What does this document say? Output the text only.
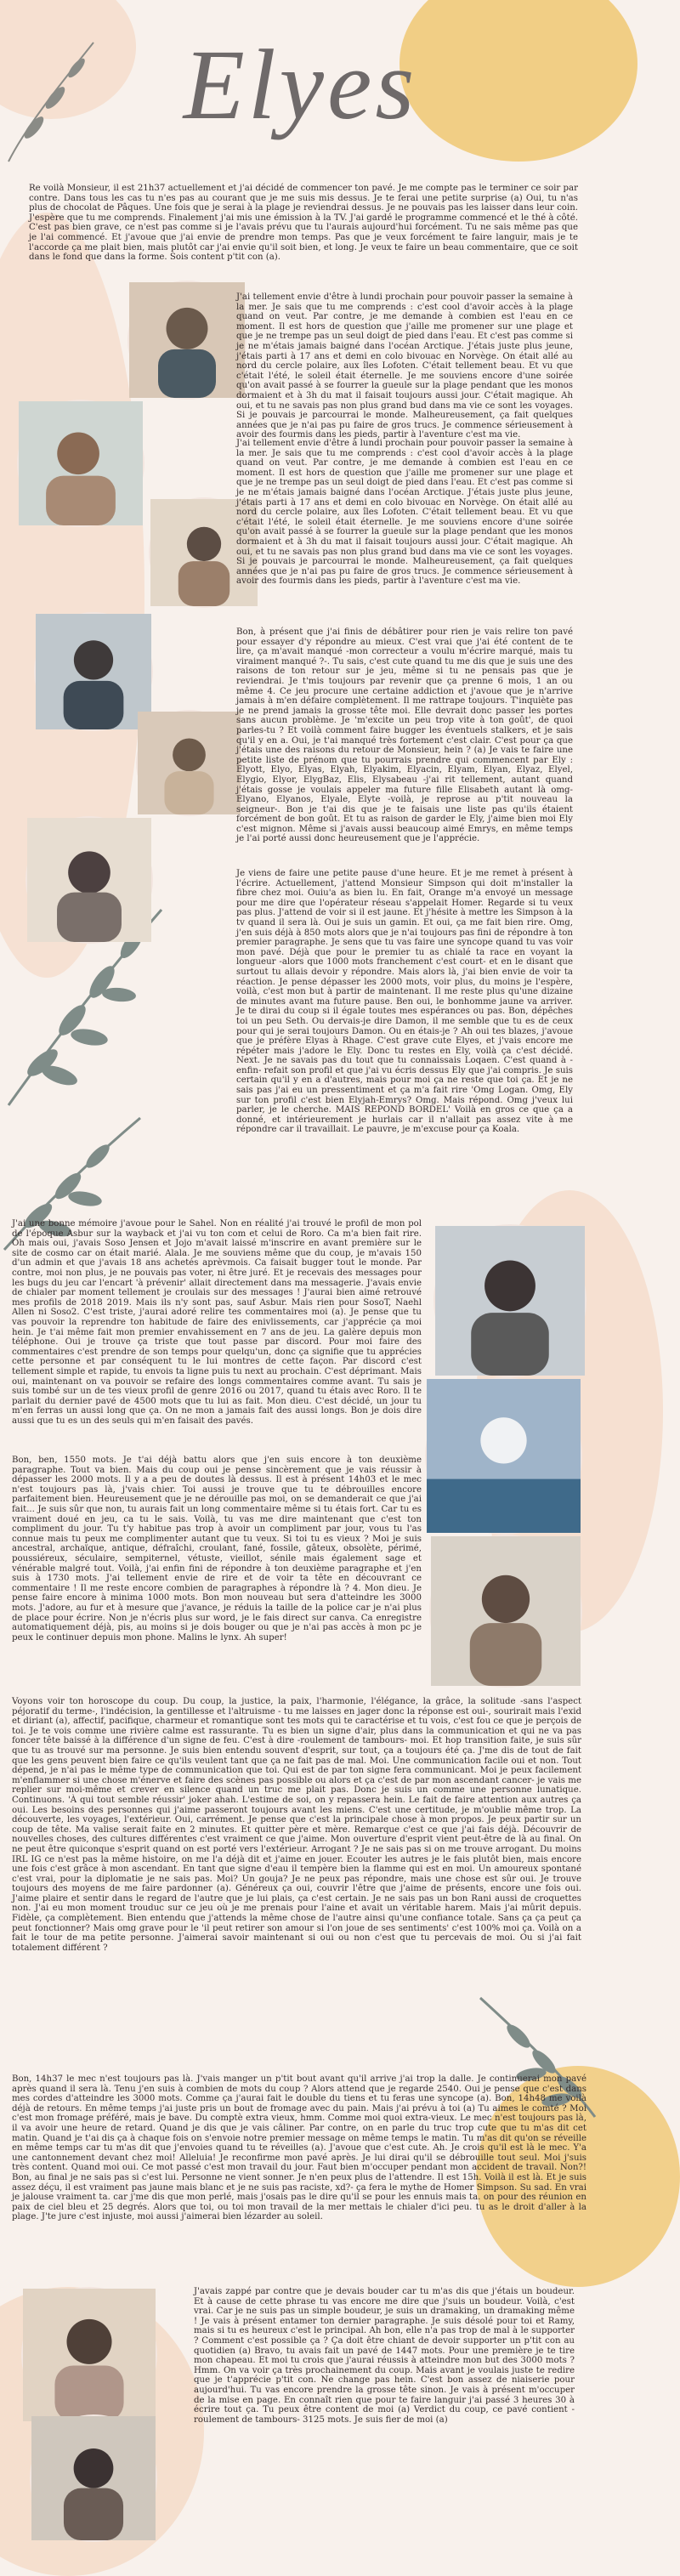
Elyes

Re voilà Monsieur, il est 21h37 actuellement et j'ai décidé de commencer ton pavé. Je me compte pas le terminer ce soir par contre. Dans tous les cas tu n'es pas au courant que je me suis mis dessus. Je te ferai une petite surprise (a) Oui, tu n'as plus de chocolat de Pâques. Une fois que je serai à la plage je reviendrai dessus. Je ne pouvais pas les laisser dans leur coin. J'espère que tu me comprends. Finalement j'ai mis une émission à la TV. J'ai gardé le programme commencé et le thé à côté. C'est pas bien grave, ce n'est pas comme si je l'avais prévu que tu l'aurais aujourd'hui forcément. Tu ne sais même pas que je l'ai commencé. Et j'avoue que j'ai envie de prendre mon temps. Pas que je veux forcément te faire languir, mais je te l'accorde ça me plait bien, mais plutôt car j'ai envie qu'il soit bien, et long. Je veux te faire un beau commentaire, que ce soit dans le fond que dans la forme. Sois content p'tit con (a).

J'ai tellement envie d'être à lundi prochain pour pouvoir passer la semaine à la mer. Je sais que tu me comprends : c'est cool d'avoir accès à la plage quand on veut. Par contre, je me demande à combien est l'eau en ce moment. Il est hors de question que j'aille me promener sur une plage et que je ne trempe pas un seul doigt de pied dans l'eau. Et c'est pas comme si je ne m'étais jamais baigné dans l'océan Arctique. J'étais juste plus jeune, j'étais parti à 17 ans et demi en colo bivouac en Norvège. On était allé au nord du cercle polaire, aux îles Lofoten. C'était tellement beau. Et vu que c'était l'été, le soleil était éternelle. Je me souviens encore d'une soirée qu'on avait passé à se fourrer la gueule sur la plage pendant que les monos dormaient et à 3h du mat il faisait toujours aussi jour. C'était magique. Ah oui, et tu ne savais pas non plus grand bud dans ma vie ce sont les voyages. Si je pouvais je parcourrai le monde. Malheureusement, ça fait quelques années que je n'ai pas pu faire de gros trucs. Je commence sérieusement à avoir des fourmis dans les pieds, partir à l'aventure c'est ma vie.

J'ai tellement envie d'être à lundi prochain pour pouvoir passer la semaine à la mer. Je sais que tu me comprends : c'est cool d'avoir accès à la plage quand on veut. Par contre, je me demande à combien est l'eau en ce moment. Il est hors de question que j'aille me promener sur une plage et que je ne trempe pas un seul doigt de pied dans l'eau. Et c'est pas comme si je ne m'étais jamais baigné dans l'océan Arctique. J'étais juste plus jeune, j'étais parti à 17 ans et demi en colo bivouac en Norvège. On était allé au nord du cercle polaire, aux îles Lofoten. C'était tellement beau. Et vu que c'était l'été, le soleil était éternelle. Je me souviens encore d'une soirée qu'on avait passé à se fourrer la gueule sur la plage pendant que les monos dormaient et à 3h du mat il faisait toujours aussi jour. C'était magique. Ah oui, et tu ne savais pas non plus grand bud dans ma vie ce sont les voyages. Si je pouvais je parcourrai le monde. Malheureusement, ça fait quelques années que je n'ai pas pu faire de gros trucs. Je commence sérieusement à avoir des fourmis dans les pieds, partir à l'aventure c'est ma vie.

Bon, à présent que j'ai finis de débâtirer pour rien je vais relire ton pavé pour essayer d'y répondre au mieux. C'est vrai que j'ai été content de te lire, ça m'avait manqué -mon correcteur a voulu m'écrire marqué, mais tu viraiment manqué ?-. Tu sais, c'est cute quand tu me dis que je suis une des raisons de ton retour sur je jeu, même si tu ne pensais pas que je reviendrai. Je t'mis toujours par revenir que ça prenne 6 mois, 1 an ou même 4. Ce jeu procure une certaine addiction et j'avoue que je n'arrive jamais à m'en défaire complètement. Il me rattrape toujours. T'inquiète pas je ne prend jamais la grosse tête moi. Elle devrait donc passer les portes sans aucun problème. Je 'm'excite un peu trop vite à ton goût', de quoi parles-tu ? Et voilà comment faire bugger les éventuels stalkers, et je sais qu'il y en a. Oui, je t'ai manqué très fortement c'est clair. C'est pour ça que j'étais une des raisons du retour de Monsieur, hein ? (a) Je vais te faire une petite liste de prénom que tu pourrais prendre qui commencent par Ely : Elyott, Elyo, Elyas, Elyah, Elyakim, Elyacin, Elyam, Elyan, Elyaz, Elyel, Elygio, Elyor, ElygBaz, Elis, Elysabeau -j'ai rit tellement, autant quand j'étais gosse je voulais appeler ma future fille Elisabeth autant là omg- Elyano, Elyanos, Elyale, Elyte -voilà, je reprose au p'tit nouveau la seigneur-. Bon je t'ai dis que je te faisais une liste pas qu'ils étaient forcément de bon goût. Et tu as raison de garder le Ely, j'aime bien moi Ely c'est mignon. Même si j'avais aussi beaucoup aimé Emrys, en même temps je l'ai porté aussi donc heureusement que je l'apprécie.

Je viens de faire une petite pause d'une heure. Et je me remet à présent à l'écrire. Actuellement, j'attend Monsieur Simpson qui doit m'installer la fibre chez moi. Ouiu'a as bien lu. En fait, Orange m'a envoyé un message pour me dire que l'opérateur réseau s'appelait Homer. Regarde si tu veux pas plus. J'attend de voir si il est jaune. Et j'hésite à mettre les Simpson à la tv quand il sera là. Oui je suis un gamin. Et oui, ça me fait bien rire. Omg, j'en suis déjà à 850 mots alors que je n'ai toujours pas fini de répondre à ton premier paragraphe. Je sens que tu vas faire une syncope quand tu vas voir mon pavé. Déjà que pour le premier tu as chialé ta race en voyant la longueur -alors que 1000 mots franchement c'est court- et en le disant que surtout tu allais devoir y répondre. Mais alors là, j'ai bien envie de voir ta réaction. Je pense dépasser les 2000 mots, voir plus, du moins je l'espère, voilà, c'est mon but à partir de maintenant. Il me reste plus qu'une dizaine de minutes avant ma future pause. Ben oui, le bonhomme jaune va arriver. Je te dirai du coup si il égale toutes mes espérances ou pas. Bon, dépêches toi un peu Seth. Ou dervais-je dire Damon, il me semble que tu es de ceux pour qui je serai toujours Damon. Ou en étais-je ? Ah oui tes blazes, j'avoue que je préfère Elyas à Rhage. C'est grave cute Elyes, et j'vais encore me répéter mais j'adore le Ely. Donc tu restes en Ely, voilà ça c'est décidé. Next. Je ne savais pas du tout que tu connaissais Loqaen. C'est quand à -enfin- refait son profil et que j'ai vu écris dessus Ely que j'ai compris. Je suis certain qu'il y en a d'autres, mais pour moi ça ne reste que toi ça. Et je ne sais pas j'ai eu un pressentiment et ça m'a fait rire 'Omg Logan. Omg, Ely sur ton profil c'est bien Elyjah-Emrys? Omg. Mais répond. Omg j'veux lui parler, je le cherche. MAIS REPOND BORDEL' Voilà en gros ce que ça a donné, et intérieurement je hurlais car il n'allait pas assez vite à me répondre car il travaillait. Le pauvre, je m'excuse pour ça Koala.

J'ai une bonne mémoire j'avoue pour le Sahel. Non en réalité j'ai trouvé le profil de mon pol de l'époque Asbur sur la wayback et j'ai vu ton com et celui de Roro. Ca m'a bien fait rire. Oh mais oui, j'avais Soso Jensen et Jojo m'avait laissé m'inscrire en avant première sur le site de cosmo car on était marié. Alala. Je me souviens même que du coup, je m'avais 150 d'un admin et que j'avais 18 ans achetés aprèvmois. Ca faisait bugger tout le monde. Par contre, moi non plus, je ne pouvais pas voter, ni être juré. Et je recevais des messages pour les bugs du jeu car l'encart 'à prévenir' allait directement dans ma messagerie. J'avais envie de chialer par moment tellement je croulais sur des messages ! J'aurai bien aimé retrouvé mes profils de 2018 2019. Mais ils n'y sont pas, sauf Asbur. Mais rien pour SosoT, Naehl Allen ni Soso2. C'est triste, j'aurai adoré relire tes commentaires moi (a). Je pense que tu vas pouvoir la reprendre ton habitude de faire des enivlissements, car j'apprécie ça moi hein. Je t'ai même fait mon premier envahissement en 7 ans de jeu. La galère depuis mon téléphone. Oui je trouve ça triste que tout passe par discord. Pour moi faire des commentaires c'est prendre de son temps pour quelqu'un, donc ça signifie que tu apprécies cette personne et par conséquent tu le lui montres de cette façon. Par discord c'est tellement simple et rapide, tu envois ta ligne puis tu next au prochain. C'est déprimant. Mais oui, maintenant on va pouvoir se refaire des longs commentaires comme avant. Tu sais je suis tombé sur un de tes vieux profil de genre 2016 ou 2017, quand tu étais avec Roro. Il te parlait du dernier pavé de 4500 mots que tu lui as fait. Mon dieu. C'est décidé, un jour tu m'en ferras un aussi long que ça. On ne mon a jamais fait des aussi longs. Bon je dois dire aussi que tu es un des seuls qui m'en faisait des pavés.

Bon, ben, 1550 mots. Je t'ai déjà battu alors que j'en suis encore à ton deuxième paragraphe. Tout va bien. Mais du coup oui je pense sincèrement que je vais réussir à dépasser les 2000 mots. Il y a a peu de doutes là dessus. Il est à présent 14h03 et le mec n'est toujours pas là, j'vais chier. Toi aussi je trouve que tu te débrouilles encore parfaitement bien. Heureusement que je ne dérouille pas moi, on se demanderait ce que j'ai fait... Je suis sûr que non, tu aurais fait un long commentaire même si tu étais fort. Car tu es vraiment doué en jeu, ca tu le sais. Voilà, tu vas me dire maintenant que c'est ton compliment du jour. Tu t'y habitue pas trop à avoir un compliment par jour, vous tu l'as connue mais tu peux me complimenter autant que tu veux. Si toi tu es vieux ? Moi je suis ancestral, archaïque, antique, défraîchi, croulant, fané, fossile, gâteux, obsolète, périmé, poussiéreux, séculaire, sempiternel, vétuste, vieillot, sénile mais également sage et vénérable malgré tout. Voilà, j'ai enfin fini de répondre à ton deuxième paragraphe et j'en suis à 1730 mots. J'ai tellement envie de rire et de voir ta tête en découvrant ce commentaire ! Il me reste encore combien de paragraphes à répondre là ? 4. Mon dieu. Je pense faire encore à minima 1000 mots. Bon mon nouveau but sera d'atteindre les 3000 mots. J'adore, au fur et à mesure que j'avance, je réduis la taille de la police car je n'ai plus de place pour écrire. Non je n'écris plus sur word, je le fais direct sur canva. Ca enregistre automatiquement déjà, pis, au moins si je dois bouger ou que je n'ai pas accès à mon pc je peux le continuer depuis mon phone. Malins le lynx. Ah super!

Voyons voir ton horoscope du coup. Du coup, la justice, la paix, l'harmonie, l'élégance, la grâce, la solitude -sans l'aspect péjoratif du terme-, l'indécision, la gentillesse et l'altruisme - tu me laisses en jager donc la réponse est oui-, sourirait mais l'exid et diriant (a), affectif, pacifique, charmeur et romantique sont tes mots qui te caractérise et tu vois, c'est fou ce que je perçois de toi. Je te vois comme une rivière calme est rassurante. Tu es bien un signe d'air, plus dans la communication et qui ne va pas foncer tête baissé à la différence d'un signe de feu. C'est à dire -roulement de tambours- moi. Et hop transition faite, je suis sûr que tu as trouvé sur ma personne. Je suis bien entendu souvent d'esprit, sur tout, ça a toujours été ça. J'me dis de tout de fait que les gens peuvent bien faire ce qu'ils veulent tant que ça ne fait pas de mal. Moi. Une communication facile oui et non. Tout dépend, je n'ai pas le même type de communication que toi. Qui est de par ton signe fera communicant. Moi je peux facilement m'enflammer si une chose m'énerve et faire des scènes pas possible ou alors et ça c'est de par mon ascendant cancer- je vais me replier sur moi-même et crever en silence quand un truc me plait pas. Donc je suis un comme une personne lunatique. Continuons. 'À qui tout semble réussir' joker ahah. L'estime de soi, on y repassera hein. Le fait de faire attention aux autres ça oui. Les besoins des personnes qui j'aime passeront toujours avant les miens. C'est une certitude, je m'oublie même trop. La découverte, les voyages, l'extérieur. Oui, carrément. Je pense que c'est la principale chose à mon propos. Je peux partir sur un coup de tête. Ma valise serait faite en 2 minutes. Et quitter père et mère. Remarque c'est ce que j'ai fais déjà. Découvrir de nouvelles choses, des cultures différentes c'est vraiment ce que j'aime. Mon ouverture d'esprit vient peut-être de là au final. On ne peut être quiconque s'esprit quand on est porté vers l'extérieur. Arrogant ? Je ne sais pas si on me trouve arrogant. Du moins IRL IG ce n'est pas la même histoire, on me l'a déjà dit et j'aime en jouer. Ecouter les autres je le fais plutôt bien, mais encore une fois c'est grâce à mon ascendant. En tant que signe d'eau il tempère bien la flamme qui est en moi. Un amoureux spontané c'est vrai, pour la diplomatie je ne sais pas. Moi? Un gouja? Je ne peux pas répondre, mais une chose est sûr oui. Je trouve toujours des moyens de me faire pardonner (a). Généreux ça oui, couvrir l'être que j'aime de présents, encore une fois oui. J'aime plaire et sentir dans le regard de l'autre que je lui plais, ça c'est certain. Je ne sais pas un bon Rani aussi de croquettes non. J'ai eu mon moment trouduc sur ce jeu où je me prenais pour l'aine et avait un véritable harem. Mais j'ai mûrit depuis. Fidèle, ça complètement. Bien entendu que j'attends la même chose de l'autre ainsi qu'une confiance totale. Sans ça ça peut ça peut fonctionner? Mais omg grave pour le 'il peut retirer son amour si l'on joue de ses sentiments' c'est 100% moi ça. Voilà on a fait le tour de ma petite personne. J'aimerai savoir maintenant si oui ou non c'est que tu percevais de moi. Ou si j'ai fait totalement différent ?

Bon, 14h37 le mec n'est toujours pas là. J'vais manger un p'tit bout avant qu'il arrive j'ai trop la dalle. Je continuerai mon pavé après quand il sera là. Tenu j'en suis à combien de mots du coup ? Alors attend que je regarde 2540. Oui je pense que c'est dans mes cordes d'atteindre les 3000 mots. Comme ça j'aurai fait le double du tiens et tu feras une syncope (a). Bon, 14h48 me voilà déjà de retours. En même temps j'ai juste pris un bout de fromage avec du pain. Mais j'ai prévu à toi (a) Tu aimes le comté ? Moi c'est mon fromage préféré, mais je bave. Du comptè extra vieux, hmm. Comme moi quoi extra-vieux. Le mec n'est toujours pas là, il va avoir une heure de retard. Quand je dis que je vais câliner. Par contre, on en parle du truc trop cute que tu m'as dit cet matin. Quand je t'ai dis ça à chaque fois on s'envoie notre premier message on même temps le matin. Tu m'as dit qu'on se réveille en même temps car tu m'as dit que j'envoies quand tu te réveilles (a). J'avoue que c'est cute. Ah. Je crois qu'il est là le mec. Y'a une cantonnement devant chez moi! Alleluia! Je reconfirme mon pavé après. Je lui dirai qu'il se débrouille tout seul. Moi j'suis très content. Quand moi oui. Ce mot passé c'est mon travail du jour. Faut bien m'occuper pendant mon accident de travail. Non?! Bon, au final je ne sais pas si c'est lui. Personne ne vient sonner. Je n'en peux plus de l'attendre. Il est 15h. Voilà il est là. Et je suis assez déçu, il est vraiment pas jaune mais blanc et je ne suis pas raciste, xd?- ça fera le mythe de Homer Simpson. Su sad. En vrai je jalouse vraiment ta. car j'me dis que mon perlé, mais j'osais pas le dire qu'il se pour les ennuis mais ta. on pour des réunion en paix de ciel bleu et 25 degrés. Alors que toi, ou toi mon travail de la mer mettais le chialer d'ici peu. tu as le droit d'aller à la plage. J'te jure c'est injuste, moi aussi j'aimerai bien lézarder au soleil.

J'avais zappé par contre que je devais bouder car tu m'as dis que j'étais un boudeur. Et à cause de cette phrase tu vas encore me dire que j'suis un boudeur. Voilà, c'est vrai. Car je ne suis pas un simple boudeur, je suis un dramaking, un dramaking même ! Je vais à présent entamer ton dernier paragraphe. Je suis désolé pour toi et Ramy, mais si tu es heureux c'est le principal. Ah bon, elle n'a pas trop de mal à le supporter ? Comment c'est possible ça ? Ça doit être chiant de devoir supporter un p'tit con au quotidien (a) Bravo, tu avais fait un pavé de 1447 mots. Pour une première je te tire mon chapeau. Et moi tu crois que j'aurai réussis à atteindre mon but des 3000 mots ? Hmm. On va voir ça très prochainement du coup. Mais avant je voulais juste te redire que je t'apprécie p'tit con. Ne change pas hein. C'est bon assez de niaiserie pour aujourd'hui. Tu vas encore prendre la grosse tête sinon. Je vais à présent m'occuper de la mise en page. En connaît rien que pour te faire languir j'ai passé 3 heures 30 à écrire tout ça. Tu peux être content de moi (a) Verdict du coup, ce pavé contient -roulement de tambours- 3125 mots. Je suis fier de moi (a)
